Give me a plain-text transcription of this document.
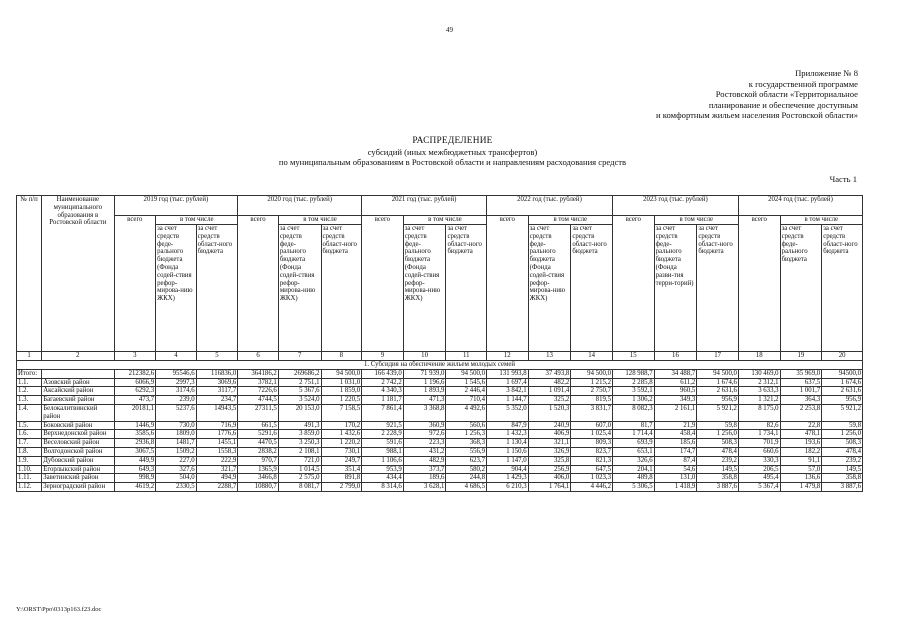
49
Приложение № 8
к государственной программе
Ростовской области «Территориальное
планирование и обеспечение доступным
и комфортным жильем населения Ростовской области»
РАСПРЕДЕЛЕНИЕ
субсидий (иных межбюджетных трансфертов)
по муниципальным образованиям в Ростовской области и направлениям расходования средств
Часть 1
№ п/п	Наименование муниципального образования в Ростовской области	2019 год (тыс. рублей)			2020 год (тыс. рублей)			2021 год (тыс. рублей)			2022 год (тыс. рублей)			2023 год (тыс. рублей)			2024 год (тыс. рублей)		
		всего	в том числе		всего	в том числе		всего	в том числе		всего	в том числе		всего	в том числе		всего	в том числе	
			за счет средств феде-рального бюджета (Фонда содей-ствия рефор-мирова-нию ЖКХ)	за счет средств област-ного бюджета		за счет средств феде-рального бюджета (Фонда содей-ствия рефор-мирова-нию ЖКХ)	за счет средств област-ного бюджета		за счет средств феде-рального бюджета (Фонда содей-ствия рефор-мирова-нию ЖКХ)	за счет средств област-ного бюджета		за счет средств феде-рального бюджета (Фонда содей-ствия рефор-мирова-нию ЖКХ)	за счет средств област-ного бюджета		за счет средств феде-рального бюджета (Фонда разви-тия терри-торий)	за счет средств област-ного бюджета		за счет средств феде-рального бюджета	за счет средств област-ного бюджета
1	2	3	4	5	6	7	8	9	10	11	12	13	14	15	16	17	18	19	20
1. Субсидия на обеспечение жильем молодых семей																			
Итого:		212382,6	95546,6	116836,0	364186,2	269686,2	94 500,0	166 439,0	71 939,0	94 500,0	131 993,8	37 493,8	94 500,0	128 988,7	34 488,7	94 500,0	130 469,0	35 969,0	94500,0
1.1.	Азовский район	6066,9	2997,3	3069,6	3782,1	2 751,1	1 031,0	2 742,2	1 196,6	1 545,6	1 697,4	482,2	1 215,2	2 285,8	611,2	1 674,6	2 312,1	637,5	1 674,6
1.2.	Аксайский район	6292,3	3174,6	3117,7	7226,6	5 367,6	1 859,0	4 340,3	1 893,9	2 446,4	3 842,1	1 091,4	2 750,7	3 592,1	960,5	2 631,6	3 633,3	1 001,7	2 631,6
1.3.	Багаевский район	473,7	239,0	234,7	4744,5	3 524,0	1 220,5	1 181,7	471,3	710,4	1 144,7	325,2	819,5	1 306,2	349,3	956,9	1 321,2	364,3	956,9
1.4.	Белокалитвинский район	20181,1	5237,6	14943,5	27311,5	20 153,0	7 158,5	7 861,4	3 368,8	4 492,6	5 352,0	1 520,3	3 831,7	8 082,3	2 161,1	5 921,2	8 175,0	2 253,8	5 921,2
1.5.	Боковский район	1446,9	730,0	716,9	661,5	491,3	170,2	921,5	360,9	560,6	847,9	240,9	607,0	81,7	21,9	59,8	82,6	22,8	59,8
1.6.	Верхнедонской район	3585,6	1809,0	1776,6	5291,6	3 859,0	1 432,6	2 228,9	972,6	1 256,3	1 432,3	406,9	1 025,4	1 714,4	458,4	1 256,0	1 734,1	478,1	1 256,0
1.7.	Веселовский район	2936,8	1481,7	1455,1	4470,5	3 250,3	1 220,2	591,6	223,3	368,3	1 130,4	321,1	809,3	693,9	185,6	508,3	701,9	193,6	508,3
1.8.	Волгодонской район	3067,5	1509,2	1558,3	2838,2	2 108,1	730,1	988,1	431,2	556,9	1 150,6	326,9	823,7	653,1	174,7	478,4	660,6	182,2	478,4
1.9.	Дубовский район	449,9	227,0	222,9	970,7	721,0	249,7	1 106,6	482,9	623,7	1 147,0	325,8	821,3	326,6	87,4	239,2	330,3	91,1	239,2
1.10.	Егорлыкский район	649,3	327,6	321,7	1365,9	1 014,5	351,4	953,9	373,7	580,2	904,4	256,9	647,5	204,1	54,6	149,5	206,5	57,0	149,5
1.11.	Заветинский район	998,9	504,0	494,9	3466,8	2 575,0	891,8	434,4	189,6	244,8	1 429,3	406,0	1 023,3	489,8	131,0	358,8	495,4	136,6	358,8
1.12.	Зерноградский район	4619,2	2330,5	2288,7	10880,7	8 081,7	2 799,0	8 314,6	3 628,1	4 686,5	6 210,3	1 764,1	4 446,2	5 306,5	1 418,9	3 887,6	5 367,4	1 479,8	3 887,6
Y:\ORST\Ppo\0313p163.f23.doc
